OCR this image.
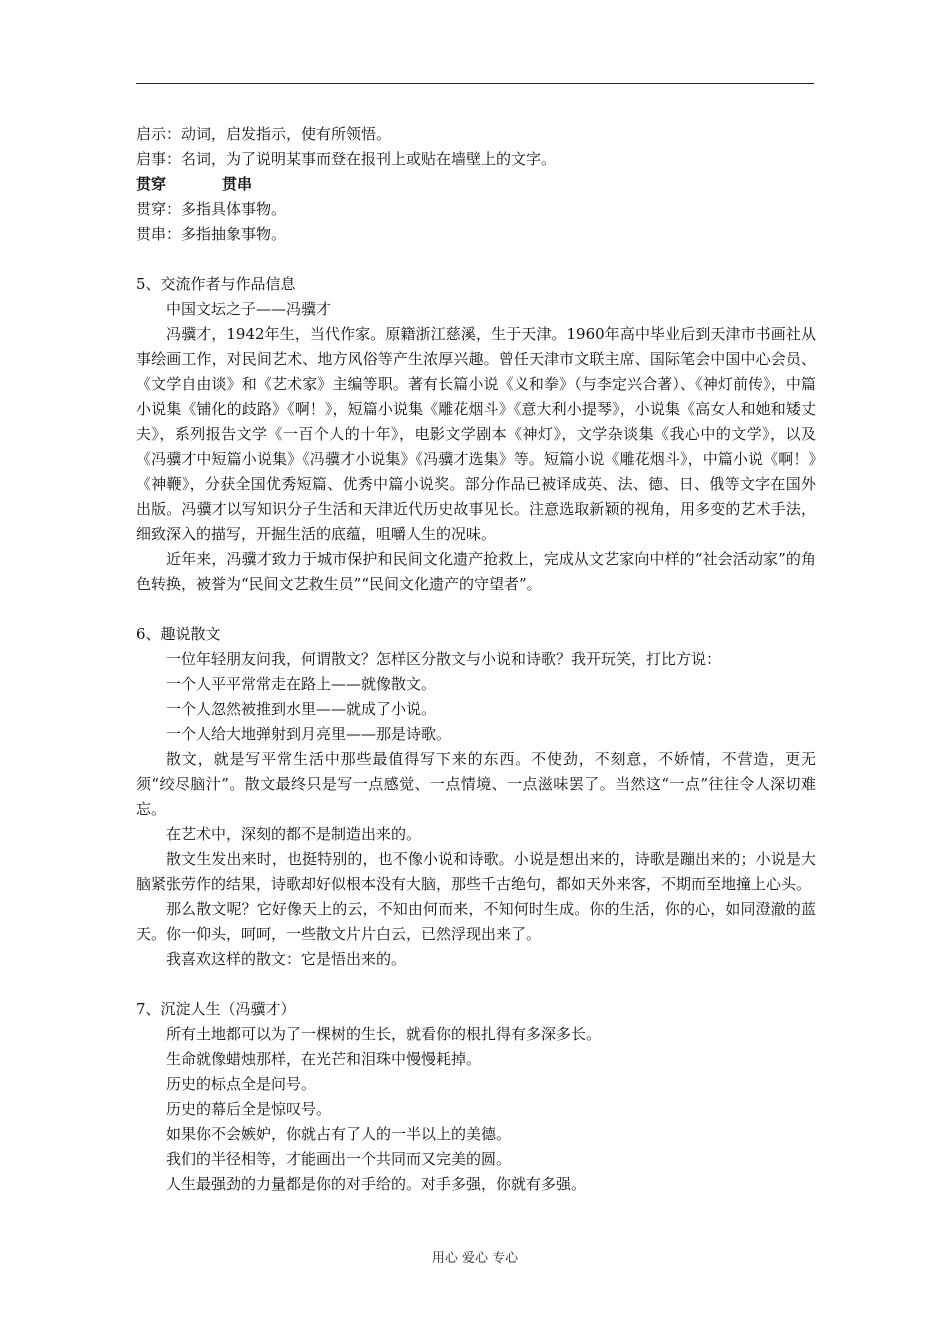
启示：动词，启发指示，使有所领悟。
启事：名词，为了说明某事而登在报刊上或贴在墙壁上的文字。
贯穿	贯串
贯穿：多指具体事物。
贯串：多指抽象事物。
5、交流作者与作品信息
中国文坛之子——冯骥才

冯骥才，1942年生，当代作家。原籍浙江慈溪，生于天津。1960年高中毕业后到天津市书画社从事绘画工作，对民间艺术、地方风俗等产生浓厚兴趣。曾任天津市文联主席、国际笔会中国中心会员、《文学自由谈》和《艺术家》主编等职。著有长篇小说《义和拳》（与李定兴合著）、《神灯前传》，中篇小说集《铺化的歧路》《啊！》，短篇小说集《雕花烟斗》《意大利小提琴》，小说集《高女人和她和矮丈夫》，系列报告文学《一百个人的十年》，电影文学剧本《神灯》，文学杂谈集《我心中的文学》，以及《冯骥才中短篇小说集》《冯骥才小说集》《冯骥才选集》等。短篇小说《雕花烟斗》，中篇小说《啊！》《神鞭》，分获全国优秀短篇、优秀中篇小说奖。部分作品已被译成英、法、德、日、俄等文字在国外出版。冯骥才以写知识分子生活和天津近代历史故事见长。注意选取新颖的视角，用多变的艺术手法，细致深入的描写，开掘生活的底蕴，咀嚼人生的况味。

近年来，冯骥才致力于城市保护和民间文化遗产抢救上，完成从文艺家向中样的“社会活动家”的角色转换，被誉为“民间文艺救生员”“民间文化遗产的守望者”。

6、趣说散文
一位年轻朋友问我，何谓散文？怎样区分散文与小说和诗歌？我开玩笑，打比方说：
一个人平平常常走在路上——就像散文。
一个人忽然被推到水里——就成了小说。
一个人给大地弹射到月亮里——那是诗歌。

散文，就是写平常生活中那些最值得写下来的东西。不使劲，不刻意，不娇情，不营造，更无须“绞尽脑汁”。散文最终只是写一点感觉、一点情境、一点滋味罢了。当然这“一点”往往令人深切难忘。

在艺术中，深刻的都不是制造出来的。

散文生发出来时，也挺特别的，也不像小说和诗歌。小说是想出来的，诗歌是蹦出来的；小说是大脑紧张劳作的结果，诗歌却好似根本没有大脑，那些千古绝句，都如天外来客，不期而至地撞上心头。

那么散文呢？它好像天上的云，不知由何而来，不知何时生成。你的生活，你的心，如同澄澈的蓝天。你一仰头，呵呵，一些散文片片白云，已然浮现出来了。

我喜欢这样的散文：它是悟出来的。
7、沉淀人生（冯骥才）
所有土地都可以为了一棵树的生长，就看你的根扎得有多深多长。
生命就像蜡烛那样，在光芒和泪珠中慢慢耗掉。
历史的标点全是问号。
历史的幕后全是惊叹号。
如果你不会嫉妒，你就占有了人的一半以上的美德。
我们的半径相等，才能画出一个共同而又完美的圆。
人生最强劲的力量都是你的对手给的。对手多强，你就有多强。
用心 爱心 专心
